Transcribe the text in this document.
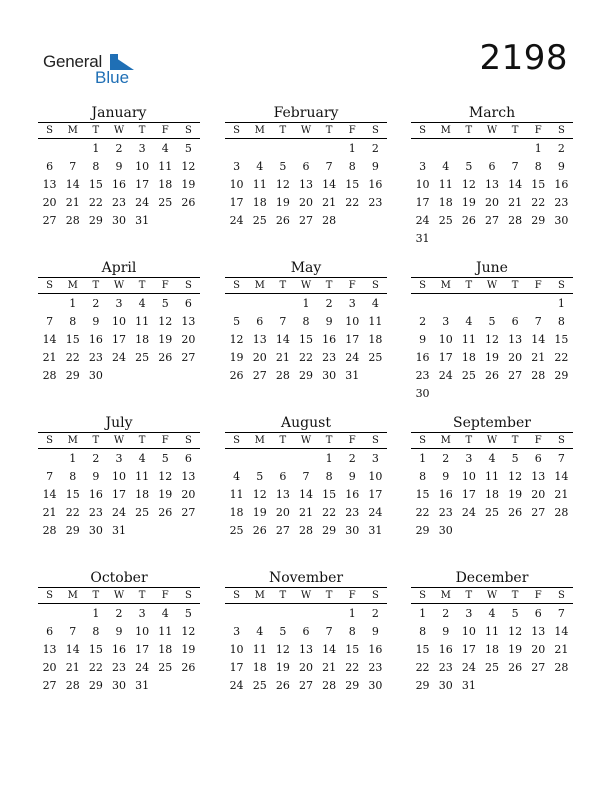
General
Blue	2198
January
S	M	T	W	T	F	S

		1	2	3	4	5
6	7	8	9	10	11	12
13	14	15	16	17	18	19
20	21	22	23	24	25	26
27	28	29	30	31		

February
S	M	T	W	T	F	S

					1	2
3	4	5	6	7	8	9
10	11	12	13	14	15	16
17	18	19	20	21	22	23
24	25	26	27	28		

March
S	M	T	W	T	F	S

					1	2
3	4	5	6	7	8	9
10	11	12	13	14	15	16
17	18	19	20	21	22	23
24	25	26	27	28	29	30
31						
April
S	M	T	W	T	F	S

	1	2	3	4	5	6
7	8	9	10	11	12	13
14	15	16	17	18	19	20
21	22	23	24	25	26	27
28	29	30				

May
S	M	T	W	T	F	S

			1	2	3	4
5	6	7	8	9	10	11
12	13	14	15	16	17	18
19	20	21	22	23	24	25
26	27	28	29	30	31	

June
S	M	T	W	T	F	S

						1
2	3	4	5	6	7	8
9	10	11	12	13	14	15
16	17	18	19	20	21	22
23	24	25	26	27	28	29
30						
July
S	M	T	W	T	F	S

	1	2	3	4	5	6
7	8	9	10	11	12	13
14	15	16	17	18	19	20
21	22	23	24	25	26	27
28	29	30	31			

August
S	M	T	W	T	F	S

				1	2	3
4	5	6	7	8	9	10
11	12	13	14	15	16	17
18	19	20	21	22	23	24
25	26	27	28	29	30	31

September
S	M	T	W	T	F	S

1	2	3	4	5	6	7
8	9	10	11	12	13	14
15	16	17	18	19	20	21
22	23	24	25	26	27	28
29	30					

October
S	M	T	W	T	F	S

		1	2	3	4	5
6	7	8	9	10	11	12
13	14	15	16	17	18	19
20	21	22	23	24	25	26
27	28	29	30	31		

November
S	M	T	W	T	F	S

					1	2
3	4	5	6	7	8	9
10	11	12	13	14	15	16
17	18	19	20	21	22	23
24	25	26	27	28	29	30

December
S	M	T	W	T	F	S

1	2	3	4	5	6	7
8	9	10	11	12	13	14
15	16	17	18	19	20	21
22	23	24	25	26	27	28
29	30	31				
